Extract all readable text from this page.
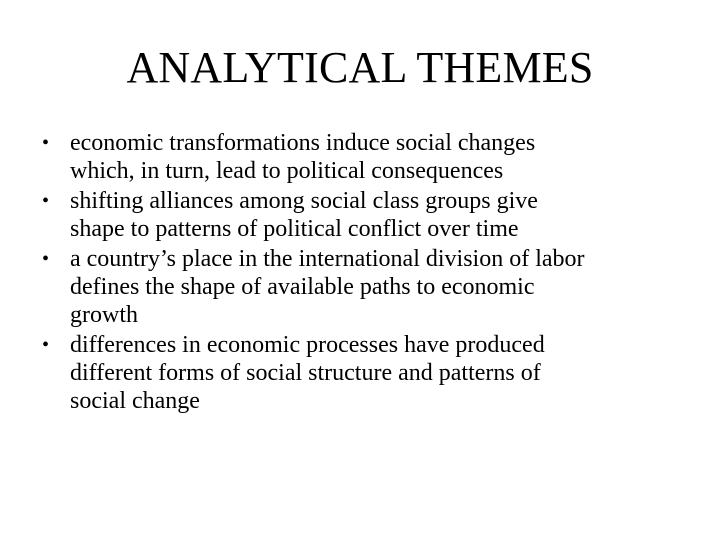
ANALYTICAL THEMES
• economic transformations induce social changes
which, in turn, lead to political consequences
• shifting alliances among social class groups give
shape to patterns of political conflict over time
• a country’s place in the international division of labor
defines the shape of available paths to economic
growth
• differences in economic processes have produced
different forms of social structure and patterns of
social change
